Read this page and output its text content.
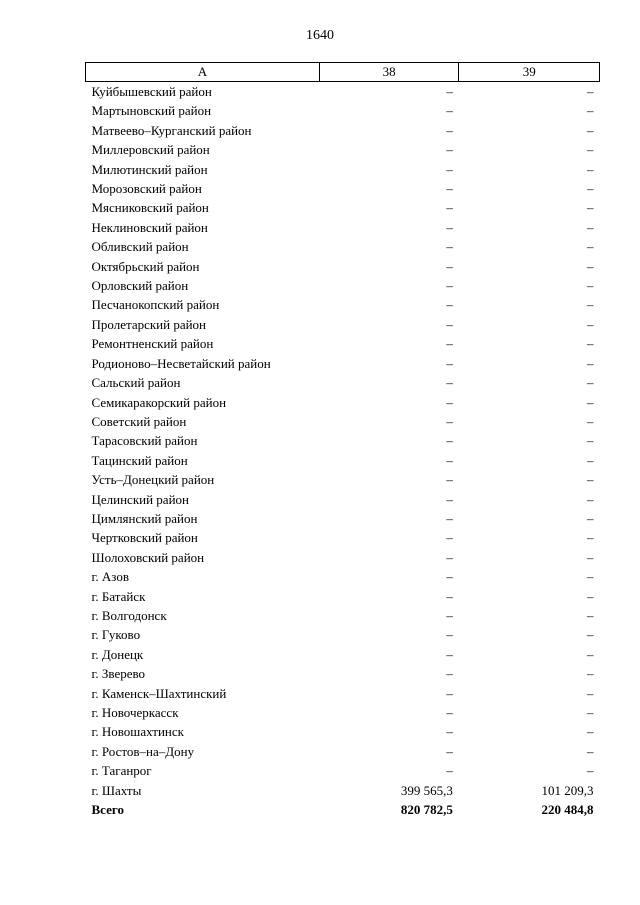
1640
А	38	39
Куйбышевский район	–	–
Мартыновский район	–	–
Матвеево–Курганский район	–	–
Миллеровский район	–	–
Милютинский район	–	–
Морозовский район	–	–
Мясниковский район	–	–
Неклиновский район	–	–
Обливский район	–	–
Октябрьский район	–	–
Орловский район	–	–
Песчанокопский район	–	–
Пролетарский район	–	–
Ремонтненский район	–	–
Родионово–Несветайский район	–	–
Сальский район	–	–
Семикаракорский район	–	–
Советский район	–	–
Тарасовский район	–	–
Тацинский район	–	–
Усть–Донецкий район	–	–
Целинский район	–	–
Цимлянский район	–	–
Чертковский район	–	–
Шолоховский район	–	–
г. Азов	–	–
г. Батайск	–	–
г. Волгодонск	–	–
г. Гуково	–	–
г. Донецк	–	–
г. Зверево	–	–
г. Каменск–Шахтинский	–	–
г. Новочеркасск	–	–
г. Новошахтинск	–	–
г. Ростов–на–Дону	–	–
г. Таганрог	–	–
г. Шахты	399 565,3	101 209,3
Всего	820 782,5	220 484,8
